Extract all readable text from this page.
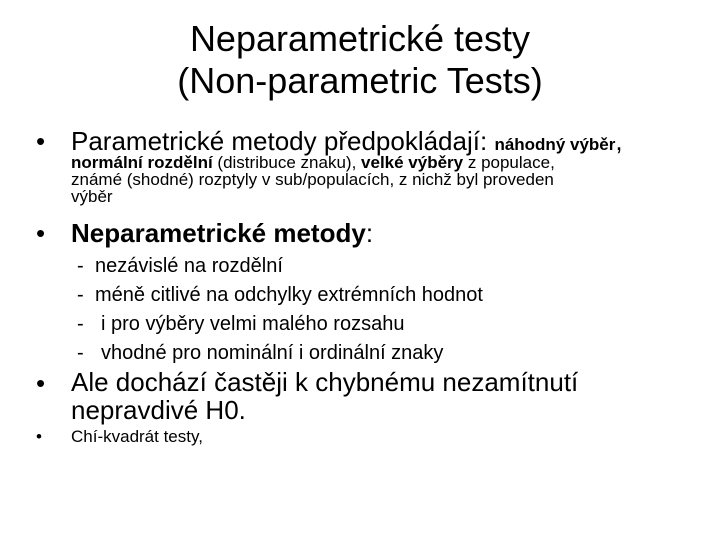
Neparametrické testy
(Non-parametric Tests)
• Parametrické metody předpokládají: náhodný výběr,
normální rozdělní (distribuce znaku), velké výběry z populace,
známé (shodné) rozptyly v sub/populacích, z nichž byl proveden
výběr
• Neparametrické metody:
- nezávislé na rozdělní
- méně citlivé na odchylky extrémních hodnot
- i pro výběry velmi malého rozsahu
- vhodné pro nominální i ordinální znaky
• Ale dochází častěji k chybnému nezamítnutí
nepravdivé H0.
• Chí-kvadrát testy,
